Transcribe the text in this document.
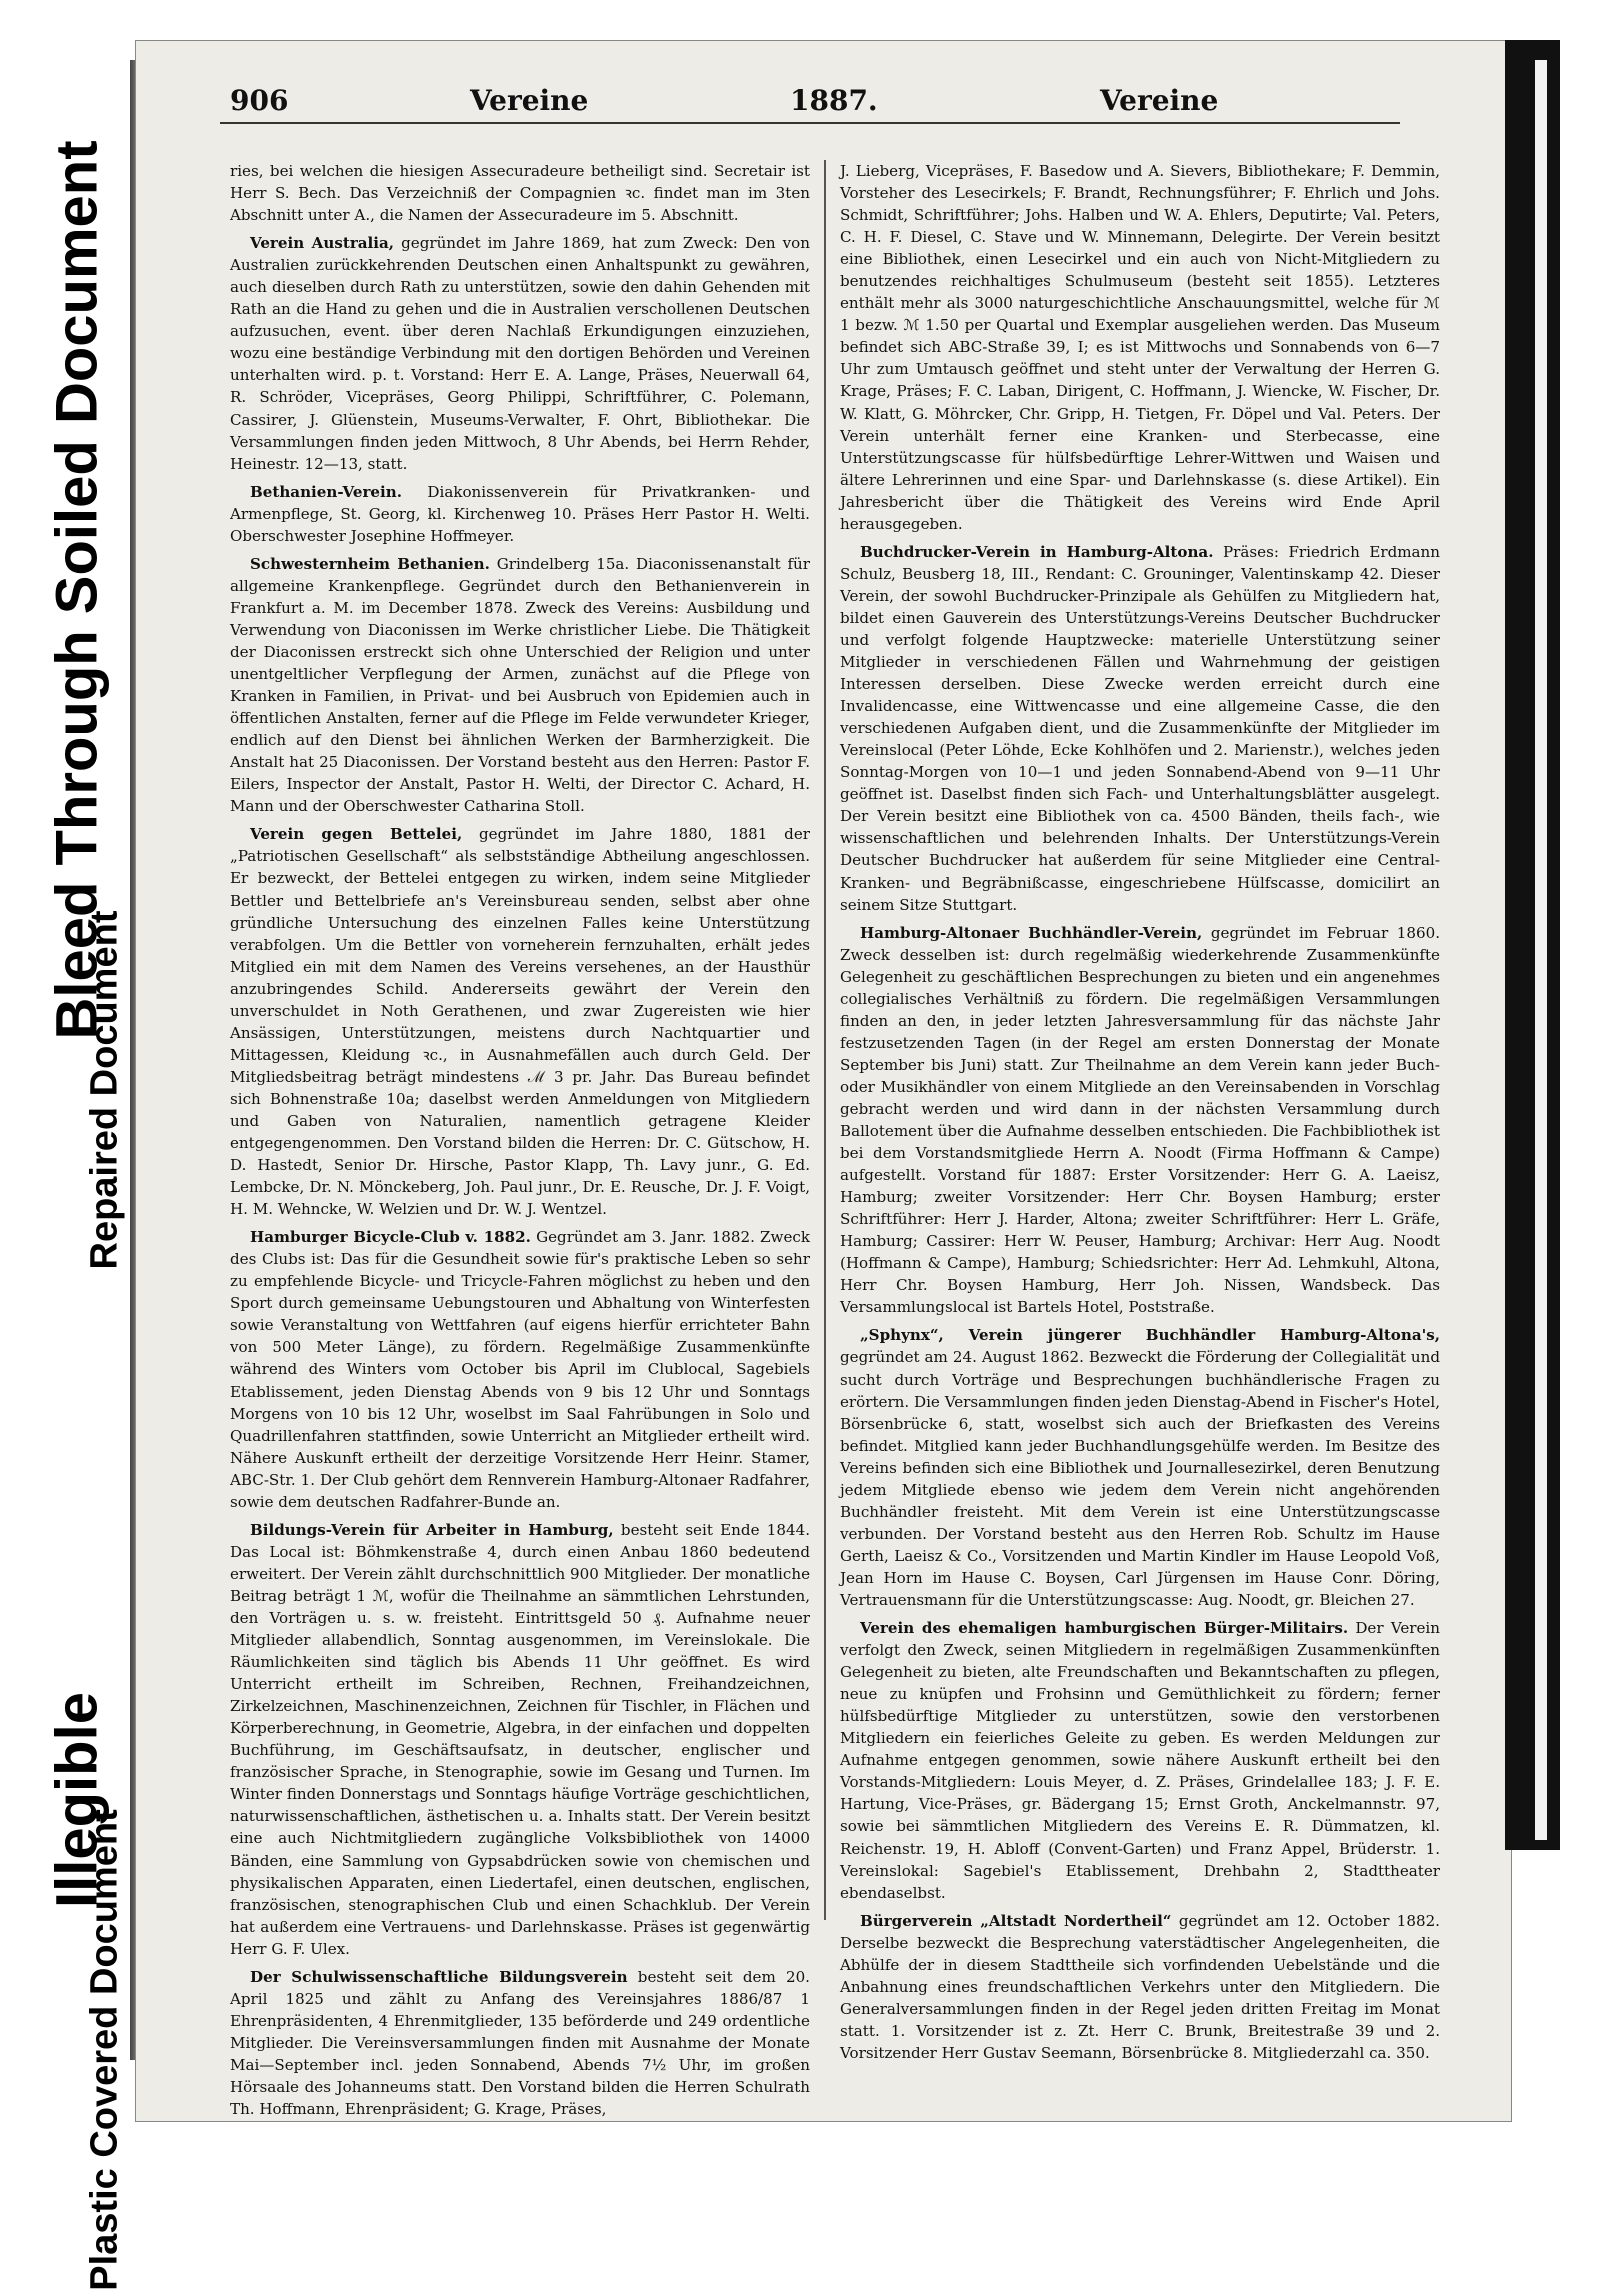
Bleed Through Soiled Document
Illegible
Repaired Document
Plastic Covered Document
906	Vereine	1887.	Vereine

ries, bei welchen die hiesigen Assecuradeure betheiligt sind. Secretair ist Herr S. Bech. Das Verzeichniß der Compagnien ꝛc. findet man im 3ten Abschnitt unter A., die Namen der Assecuradeure im 5. Abschnitt.

Verein Australia, gegründet im Jahre 1869, hat zum Zweck: Den von Australien zurückkehrenden Deutschen einen Anhaltspunkt zu gewähren, auch dieselben durch Rath zu unterstützen, sowie den dahin Gehenden mit Rath an die Hand zu gehen und die in Australien verschollenen Deutschen aufzusuchen, event. über deren Nachlaß Erkundigungen einzuziehen, wozu eine beständige Verbindung mit den dortigen Behörden und Vereinen unterhalten wird. p. t. Vorstand: Herr E. A. Lange, Präses, Neuerwall 64, R. Schröder, Vicepräses, Georg Philippi, Schriftführer, C. Polemann, Cassirer, J. Glüenstein, Museums-Verwalter, F. Ohrt, Bibliothekar. Die Versammlungen finden jeden Mittwoch, 8 Uhr Abends, bei Herrn Rehder, Heinestr. 12—13, statt.

Bethanien-Verein. Diakonissenverein für Privatkranken- und Armenpflege, St. Georg, kl. Kirchenweg 10. Präses Herr Pastor H. Welti. Oberschwester Josephine Hoffmeyer.

Schwesternheim Bethanien. Grindelberg 15a. Diaconissenanstalt für allgemeine Krankenpflege. Gegründet durch den Bethanienverein in Frankfurt a. M. im December 1878. Zweck des Vereins: Ausbildung und Verwendung von Diaconissen im Werke christlicher Liebe. Die Thätigkeit der Diaconissen erstreckt sich ohne Unterschied der Religion und unter unentgeltlicher Verpflegung der Armen, zunächst auf die Pflege von Kranken in Familien, in Privat- und bei Ausbruch von Epidemien auch in öffentlichen Anstalten, ferner auf die Pflege im Felde verwundeter Krieger, endlich auf den Dienst bei ähnlichen Werken der Barmherzigkeit. Die Anstalt hat 25 Diaconissen. Der Vorstand besteht aus den Herren: Pastor F. Eilers, Inspector der Anstalt, Pastor H. Welti, der Director C. Achard, H. Mann und der Oberschwester Catharina Stoll.

Verein gegen Bettelei, gegründet im Jahre 1880, 1881 der „Patriotischen Gesellschaft“ als selbstständige Abtheilung angeschlossen. Er bezweckt, der Bettelei entgegen zu wirken, indem seine Mitglieder Bettler und Bettelbriefe an's Vereinsbureau senden, selbst aber ohne gründliche Untersuchung des einzelnen Falles keine Unterstützung verabfolgen. Um die Bettler von vorneherein fernzuhalten, erhält jedes Mitglied ein mit dem Namen des Vereins versehenes, an der Hausthür anzubringendes Schild. Andererseits gewährt der Verein den unverschuldet in Noth Gerathenen, und zwar Zugereisten wie hier Ansässigen, Unterstützungen, meistens durch Nachtquartier und Mittagessen, Kleidung ꝛc., in Ausnahmefällen auch durch Geld. Der Mitgliedsbeitrag beträgt mindestens ℳ 3 pr. Jahr. Das Bureau befindet sich Bohnenstraße 10a; daselbst werden Anmeldungen von Mitgliedern und Gaben von Naturalien, namentlich getragene Kleider entgegengenommen. Den Vorstand bilden die Herren: Dr. C. Gütschow, H. D. Hastedt, Senior Dr. Hirsche, Pastor Klapp, Th. Lavy junr., G. Ed. Lembcke, Dr. N. Mönckeberg, Joh. Paul junr., Dr. E. Reusche, Dr. J. F. Voigt, H. M. Wehncke, W. Welzien und Dr. W. J. Wentzel.

Hamburger Bicycle-Club v. 1882. Gegründet am 3. Janr. 1882. Zweck des Clubs ist: Das für die Gesundheit sowie für's praktische Leben so sehr zu empfehlende Bicycle- und Tricycle-Fahren möglichst zu heben und den Sport durch gemeinsame Uebungstouren und Abhaltung von Winterfesten sowie Veranstaltung von Wettfahren (auf eigens hierfür errichteter Bahn von 500 Meter Länge), zu fördern. Regelmäßige Zusammenkünfte während des Winters vom October bis April im Clublocal, Sagebiels Etablissement, jeden Dienstag Abends von 9 bis 12 Uhr und Sonntags Morgens von 10 bis 12 Uhr, woselbst im Saal Fahrübungen in Solo und Quadrillenfahren stattfinden, sowie Unterricht an Mitglieder ertheilt wird. Nähere Auskunft ertheilt der derzeitige Vorsitzende Herr Heinr. Stamer, ABC-Str. 1. Der Club gehört dem Rennverein Hamburg-Altonaer Radfahrer, sowie dem deutschen Radfahrer-Bunde an.

Bildungs-Verein für Arbeiter in Hamburg, besteht seit Ende 1844. Das Local ist: Böhmkenstraße 4, durch einen Anbau 1860 bedeutend erweitert. Der Verein zählt durchschnittlich 900 Mitglieder. Der monatliche Beitrag beträgt 1 ℳ, wofür die Theilnahme an sämmtlichen Lehrstunden, den Vorträgen u. s. w. freisteht. Eintrittsgeld 50 ₰. Aufnahme neuer Mitglieder allabendlich, Sonntag ausgenommen, im Vereinslokale. Die Räumlichkeiten sind täglich bis Abends 11 Uhr geöffnet. Es wird Unterricht ertheilt im Schreiben, Rechnen, Freihandzeichnen, Zirkelzeichnen, Maschinenzeichnen, Zeichnen für Tischler, in Flächen und Körperberechnung, in Geometrie, Algebra, in der einfachen und doppelten Buchführung, im Geschäftsaufsatz, in deutscher, englischer und französischer Sprache, in Stenographie, sowie im Gesang und Turnen. Im Winter finden Donnerstags und Sonntags häufige Vorträge geschichtlichen, naturwissenschaftlichen, ästhetischen u. a. Inhalts statt. Der Verein besitzt eine auch Nichtmitgliedern zugängliche Volksbibliothek von 14000 Bänden, eine Sammlung von Gypsabdrücken sowie von chemischen und physikalischen Apparaten, einen Liedertafel, einen deutschen, englischen, französischen, stenographischen Club und einen Schachklub. Der Verein hat außerdem eine Vertrauens- und Darlehnskasse. Präses ist gegenwärtig Herr G. F. Ulex.

Der Schulwissenschaftliche Bildungsverein besteht seit dem 20. April 1825 und zählt zu Anfang des Vereinsjahres 1886/87 1 Ehrenpräsidenten, 4 Ehrenmitglieder, 135 beförderde und 249 ordentliche Mitglieder. Die Vereinsversammlungen finden mit Ausnahme der Monate Mai—September incl. jeden Sonnabend, Abends 7½ Uhr, im großen Hörsaale des Johanneums statt. Den Vorstand bilden die Herren Schulrath Th. Hoffmann, Ehrenpräsident; G. Krage, Präses,

J. Lieberg, Vicepräses, F. Basedow und A. Sievers, Bibliothekare; F. Demmin, Vorsteher des Lesecirkels; F. Brandt, Rechnungsführer; F. Ehrlich und Johs. Schmidt, Schriftführer; Johs. Halben und W. A. Ehlers, Deputirte; Val. Peters, C. H. F. Diesel, C. Stave und W. Minnemann, Delegirte. Der Verein besitzt eine Bibliothek, einen Lesecirkel und ein auch von Nicht-Mitgliedern zu benutzendes reichhaltiges Schulmuseum (besteht seit 1855). Letzteres enthält mehr als 3000 naturgeschichtliche Anschauungsmittel, welche für ℳ 1 bezw. ℳ 1.50 per Quartal und Exemplar ausgeliehen werden. Das Museum befindet sich ABC-Straße 39, I; es ist Mittwochs und Sonnabends von 6—7 Uhr zum Umtausch geöffnet und steht unter der Verwaltung der Herren G. Krage, Präses; F. C. Laban, Dirigent, C. Hoffmann, J. Wiencke, W. Fischer, Dr. W. Klatt, G. Möhrcker, Chr. Gripp, H. Tietgen, Fr. Döpel und Val. Peters. Der Verein unterhält ferner eine Kranken- und Sterbecasse, eine Unterstützungscasse für hülfsbedürftige Lehrer-Wittwen und Waisen und ältere Lehrerinnen und eine Spar- und Darlehnskasse (s. diese Artikel). Ein Jahresbericht über die Thätigkeit des Vereins wird Ende April herausgegeben.

Buchdrucker-Verein in Hamburg-Altona. Präses: Friedrich Erdmann Schulz, Beusberg 18, III., Rendant: C. Grouninger, Valentinskamp 42. Dieser Verein, der sowohl Buchdrucker-Prinzipale als Gehülfen zu Mitgliedern hat, bildet einen Gauverein des Unterstützungs-Vereins Deutscher Buchdrucker und verfolgt folgende Hauptzwecke: materielle Unterstützung seiner Mitglieder in verschiedenen Fällen und Wahrnehmung der geistigen Interessen derselben. Diese Zwecke werden erreicht durch eine Invalidencasse, eine Wittwencasse und eine allgemeine Casse, die den verschiedenen Aufgaben dient, und die Zusammenkünfte der Mitglieder im Vereinslocal (Peter Löhde, Ecke Kohlhöfen und 2. Marienstr.), welches jeden Sonntag-Morgen von 10—1 und jeden Sonnabend-Abend von 9—11 Uhr geöffnet ist. Daselbst finden sich Fach- und Unterhaltungsblätter ausgelegt. Der Verein besitzt eine Bibliothek von ca. 4500 Bänden, theils fach-, wie wissenschaftlichen und belehrenden Inhalts. Der Unterstützungs-Verein Deutscher Buchdrucker hat außerdem für seine Mitglieder eine Central-Kranken- und Begräbnißcasse, eingeschriebene Hülfscasse, domicilirt an seinem Sitze Stuttgart.

Hamburg-Altonaer Buchhändler-Verein, gegründet im Februar 1860. Zweck desselben ist: durch regelmäßig wiederkehrende Zusammenkünfte Gelegenheit zu geschäftlichen Besprechungen zu bieten und ein angenehmes collegialisches Verhältniß zu fördern. Die regelmäßigen Versammlungen finden an den, in jeder letzten Jahresversammlung für das nächste Jahr festzusetzenden Tagen (in der Regel am ersten Donnerstag der Monate September bis Juni) statt. Zur Theilnahme an dem Verein kann jeder Buch- oder Musikhändler von einem Mitgliede an den Vereinsabenden in Vorschlag gebracht werden und wird dann in der nächsten Versammlung durch Ballotement über die Aufnahme desselben entschieden. Die Fachbibliothek ist bei dem Vorstandsmitgliede Herrn A. Noodt (Firma Hoffmann & Campe) aufgestellt. Vorstand für 1887: Erster Vorsitzender: Herr G. A. Laeisz, Hamburg; zweiter Vorsitzender: Herr Chr. Boysen Hamburg; erster Schriftführer: Herr J. Harder, Altona; zweiter Schriftführer: Herr L. Gräfe, Hamburg; Cassirer: Herr W. Peuser, Hamburg; Archivar: Herr Aug. Noodt (Hoffmann & Campe), Hamburg; Schiedsrichter: Herr Ad. Lehmkuhl, Altona, Herr Chr. Boysen Hamburg, Herr Joh. Nissen, Wandsbeck. Das Versammlungslocal ist Bartels Hotel, Poststraße.

„Sphynx“, Verein jüngerer Buchhändler Hamburg-Altona's, gegründet am 24. August 1862. Bezweckt die Förderung der Collegialität und sucht durch Vorträge und Besprechungen buchhändlerische Fragen zu erörtern. Die Versammlungen finden jeden Dienstag-Abend in Fischer's Hotel, Börsenbrücke 6, statt, woselbst sich auch der Briefkasten des Vereins befindet. Mitglied kann jeder Buchhandlungsgehülfe werden. Im Besitze des Vereins befinden sich eine Bibliothek und Journallesezirkel, deren Benutzung jedem Mitgliede ebenso wie jedem dem Verein nicht angehörenden Buchhändler freisteht. Mit dem Verein ist eine Unterstützungscasse verbunden. Der Vorstand besteht aus den Herren Rob. Schultz im Hause Gerth, Laeisz & Co., Vorsitzenden und Martin Kindler im Hause Leopold Voß, Jean Horn im Hause C. Boysen, Carl Jürgensen im Hause Conr. Döring, Vertrauensmann für die Unterstützungscasse: Aug. Noodt, gr. Bleichen 27.

Verein des ehemaligen hamburgischen Bürger-Militairs. Der Verein verfolgt den Zweck, seinen Mitgliedern in regelmäßigen Zusammenkünften Gelegenheit zu bieten, alte Freundschaften und Bekanntschaften zu pflegen, neue zu knüpfen und Frohsinn und Gemüthlichkeit zu fördern; ferner hülfsbedürftige Mitglieder zu unterstützen, sowie den verstorbenen Mitgliedern ein feierliches Geleite zu geben. Es werden Meldungen zur Aufnahme entgegen genommen, sowie nähere Auskunft ertheilt bei den Vorstands-Mitgliedern: Louis Meyer, d. Z. Präses, Grindelallee 183; J. F. E. Hartung, Vice-Präses, gr. Bädergang 15; Ernst Groth, Anckelmannstr. 97, sowie bei sämmtlichen Mitgliedern des Vereins E. R. Dümmatzen, kl. Reichenstr. 19, H. Abloff (Convent-Garten) und Franz Appel, Brüderstr. 1. Vereinslokal: Sagebiel's Etablissement, Drehbahn 2, Stadttheater ebendaselbst.

Bürgerverein „Altstadt Nordertheil“ gegründet am 12. October 1882. Derselbe bezweckt die Besprechung vaterstädtischer Angelegenheiten, die Abhülfe der in diesem Stadttheile sich vorfindenden Uebelstände und die Anbahnung eines freundschaftlichen Verkehrs unter den Mitgliedern. Die Generalversammlungen finden in der Regel jeden dritten Freitag im Monat statt. 1. Vorsitzender ist z. Zt. Herr C. Brunk, Breitestraße 39 und 2. Vorsitzender Herr Gustav Seemann, Börsenbrücke 8. Mitgliederzahl ca. 350.
